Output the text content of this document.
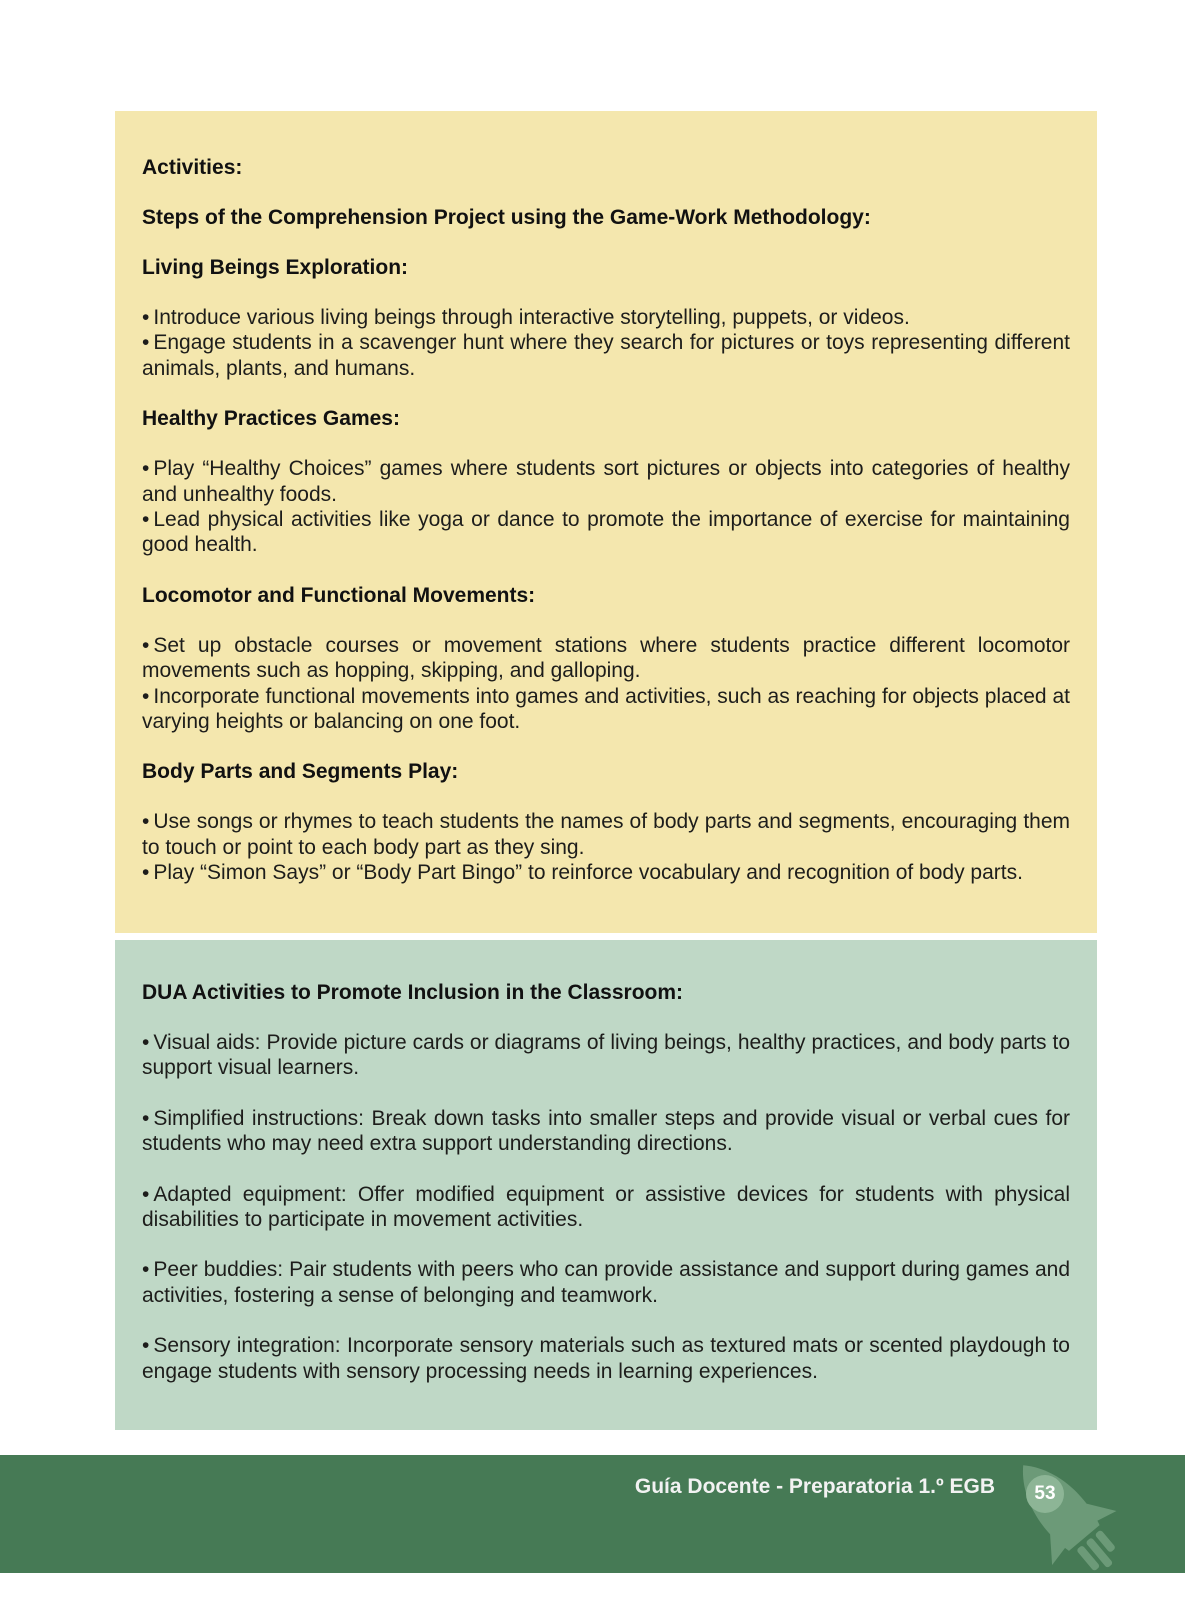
Activities:
Steps of the Comprehension Project using the Game-Work Methodology:
Living Beings Exploration:
• Introduce various living beings through interactive storytelling, puppets, or videos.
• Engage students in a scavenger hunt where they search for pictures or toys representing different animals, plants, and humans.
Healthy Practices Games:
• Play “Healthy Choices” games where students sort pictures or objects into categories of healthy and unhealthy foods.
• Lead physical activities like yoga or dance to promote the importance of exercise for maintaining good health.
Locomotor and Functional Movements:
• Set up obstacle courses or movement stations where students practice different locomotor movements such as hopping, skipping, and galloping.
• Incorporate functional movements into games and activities, such as reaching for objects placed at varying heights or balancing on one foot.
Body Parts and Segments Play:
• Use songs or rhymes to teach students the names of body parts and segments, encouraging them to touch or point to each body part as they sing.
• Play “Simon Says” or “Body Part Bingo” to reinforce vocabulary and recognition of body parts.
DUA Activities to Promote Inclusion in the Classroom:
• Visual aids: Provide picture cards or diagrams of living beings, healthy practices, and body parts to support visual learners.
• Simplified instructions: Break down tasks into smaller steps and provide visual or verbal cues for students who may need extra support understanding directions.
• Adapted equipment: Offer modified equipment or assistive devices for students with physical disabilities to participate in movement activities.
• Peer buddies: Pair students with peers who can provide assistance and support during games and activities, fostering a sense of belonging and teamwork.
• Sensory integration: Incorporate sensory materials such as textured mats or scented playdough to engage students with sensory processing needs in learning experiences.
Guía Docente - Preparatoria 1.º EGB	53
